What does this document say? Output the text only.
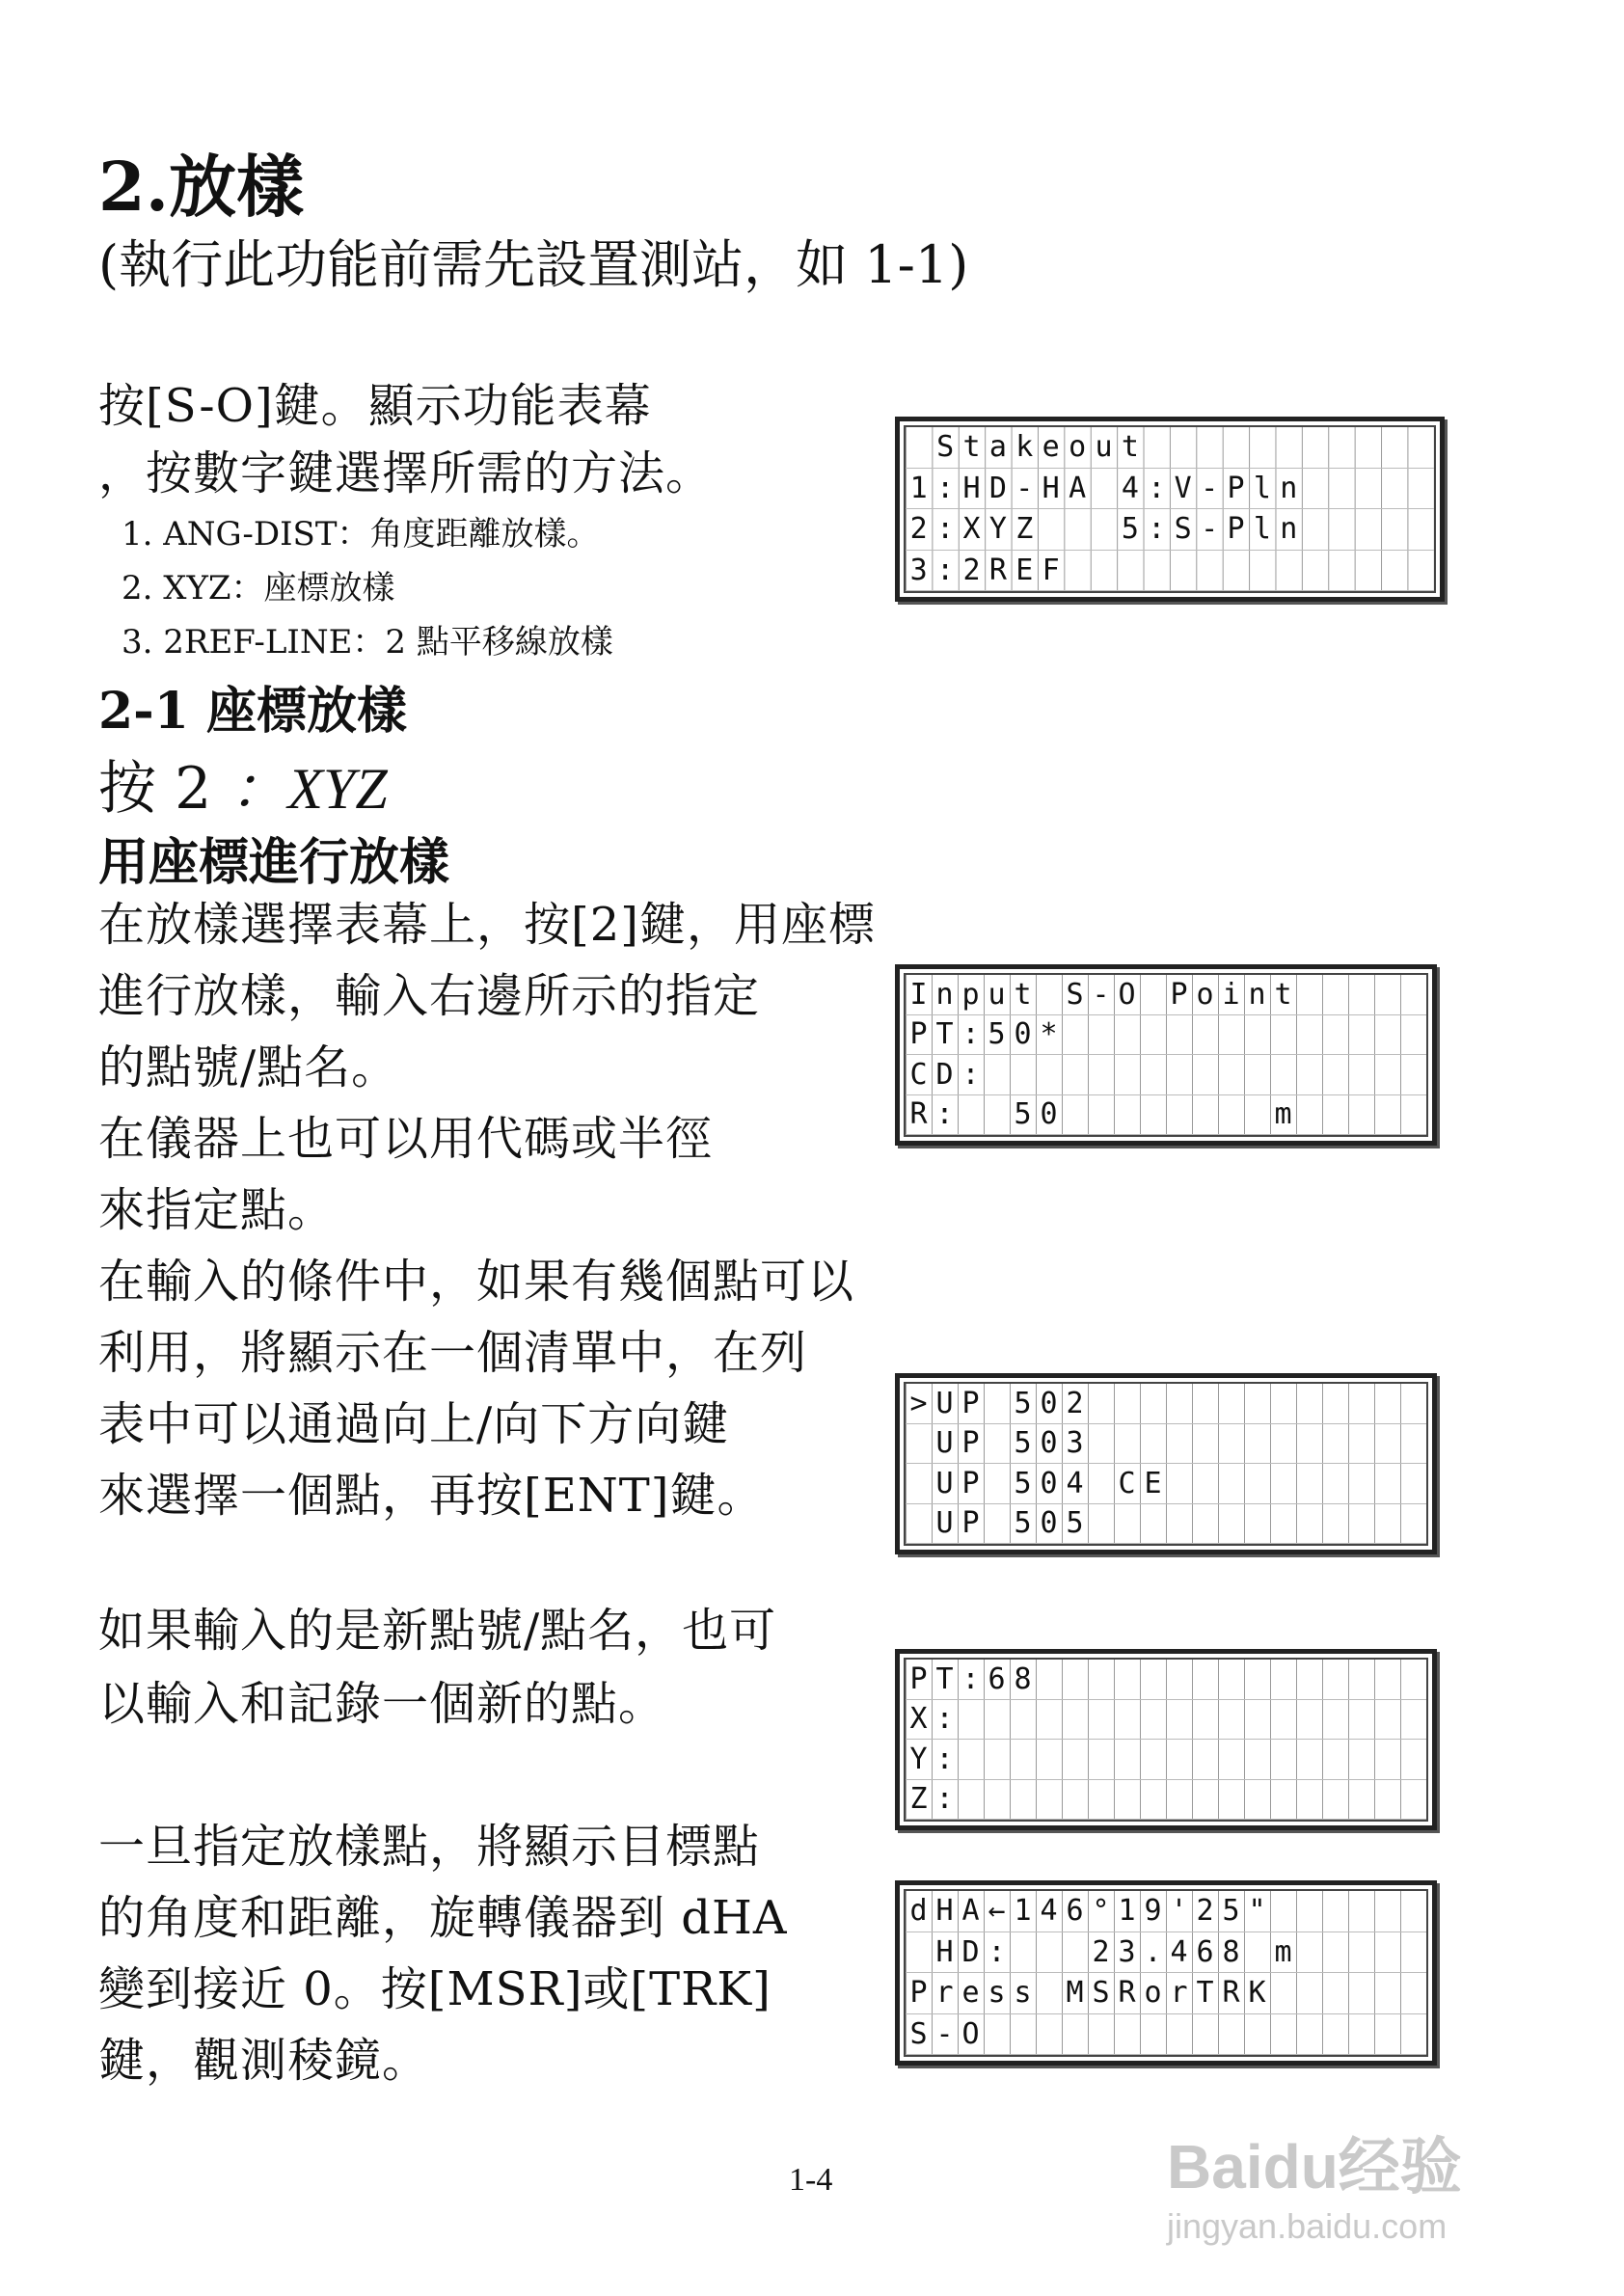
2.放樣
(執行此功能前需先設置測站，如 1-1)
按[S-O]鍵。顯示功能表幕
，按數字鍵選擇所需的方法。
1. ANG-DIST：角度距離放樣。
2. XYZ：座標放樣
3. 2REF-LINE：2 點平移線放樣
2-1 座標放樣
按 2 ：XYZ
用座標進行放樣
在放樣選擇表幕上，按[2]鍵，用座標
進行放樣，輸入右邊所示的指定
的點號/點名。
在儀器上也可以用代碼或半徑
來指定點。
在輸入的條件中，如果有幾個點可以
利用，將顯示在一個清單中，在列
表中可以通過向上/向下方向鍵
來選擇一個點，再按[ENT]鍵。
如果輸入的是新點號/點名，也可
以輸入和記錄一個新的點。
一旦指定放樣點，將顯示目標點
的角度和距離，旋轉儀器到 dHA
變到接近 0。按[MSR]或[TRK]
鍵，觀測稜鏡。
S t a k e o u t
1 : H D - H A 4 : V - P l n
2 : X Y Z	5 : S - P l n
3 : 2 R E F
I n p u t S - O P o i n t
P T : 5 0 *
C D :
R : 5 0	m
> U P 5 0 2
U P 5 0 3
U P 5 0 4 C E
U P 5 0 5
P T : 6 8
X :
Y :
Z :
d H A ← 1 4 6 ° 1 9 ' 2 5 "
H D :	2 3 . 4 6 8 m
P r e s s M S R o r T R K
S - O
1-4	Baidu经验
jingyan.baidu.com
